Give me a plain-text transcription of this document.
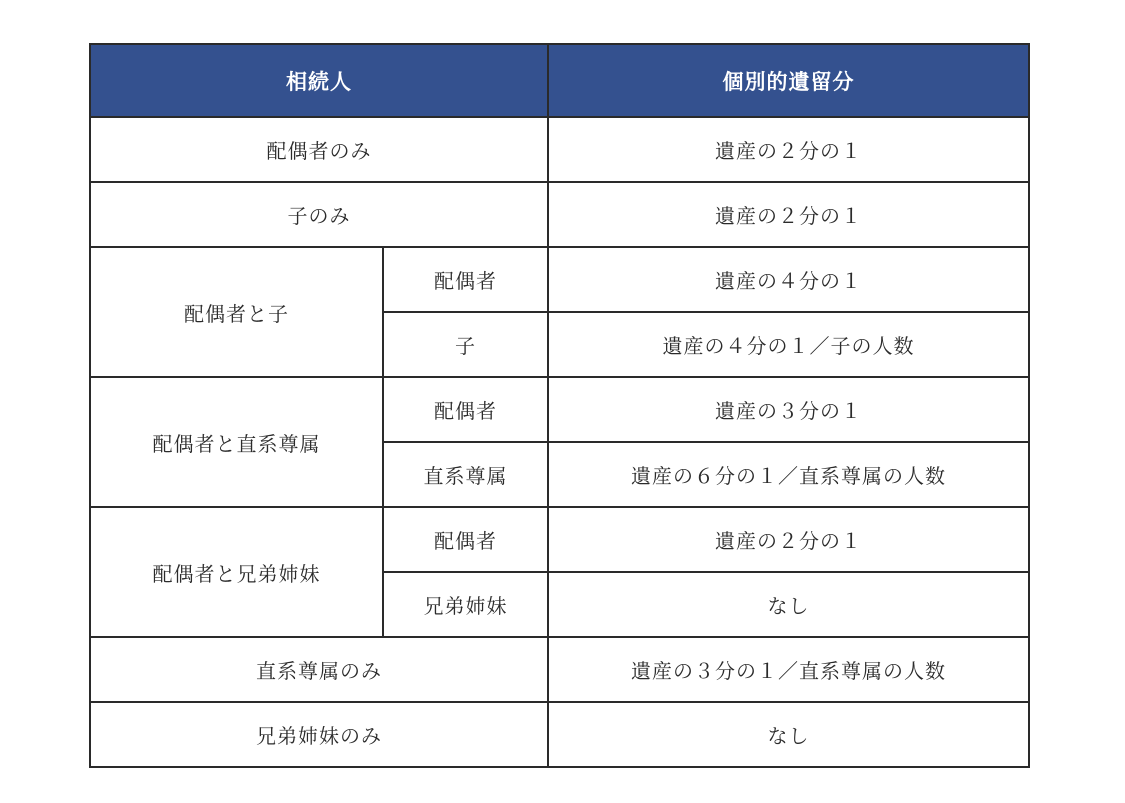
相続人		個別的遺留分
配偶者のみ		遺産の２分の１
子のみ		遺産の２分の１
配偶者と子	配偶者	遺産の４分の１
	子	遺産の４分の１／子の人数
配偶者と直系尊属	配偶者	遺産の３分の１
	直系尊属	遺産の６分の１／直系尊属の人数
配偶者と兄弟姉妹	配偶者	遺産の２分の１
	兄弟姉妹	なし
直系尊属のみ		遺産の３分の１／直系尊属の人数
兄弟姉妹のみ		なし
